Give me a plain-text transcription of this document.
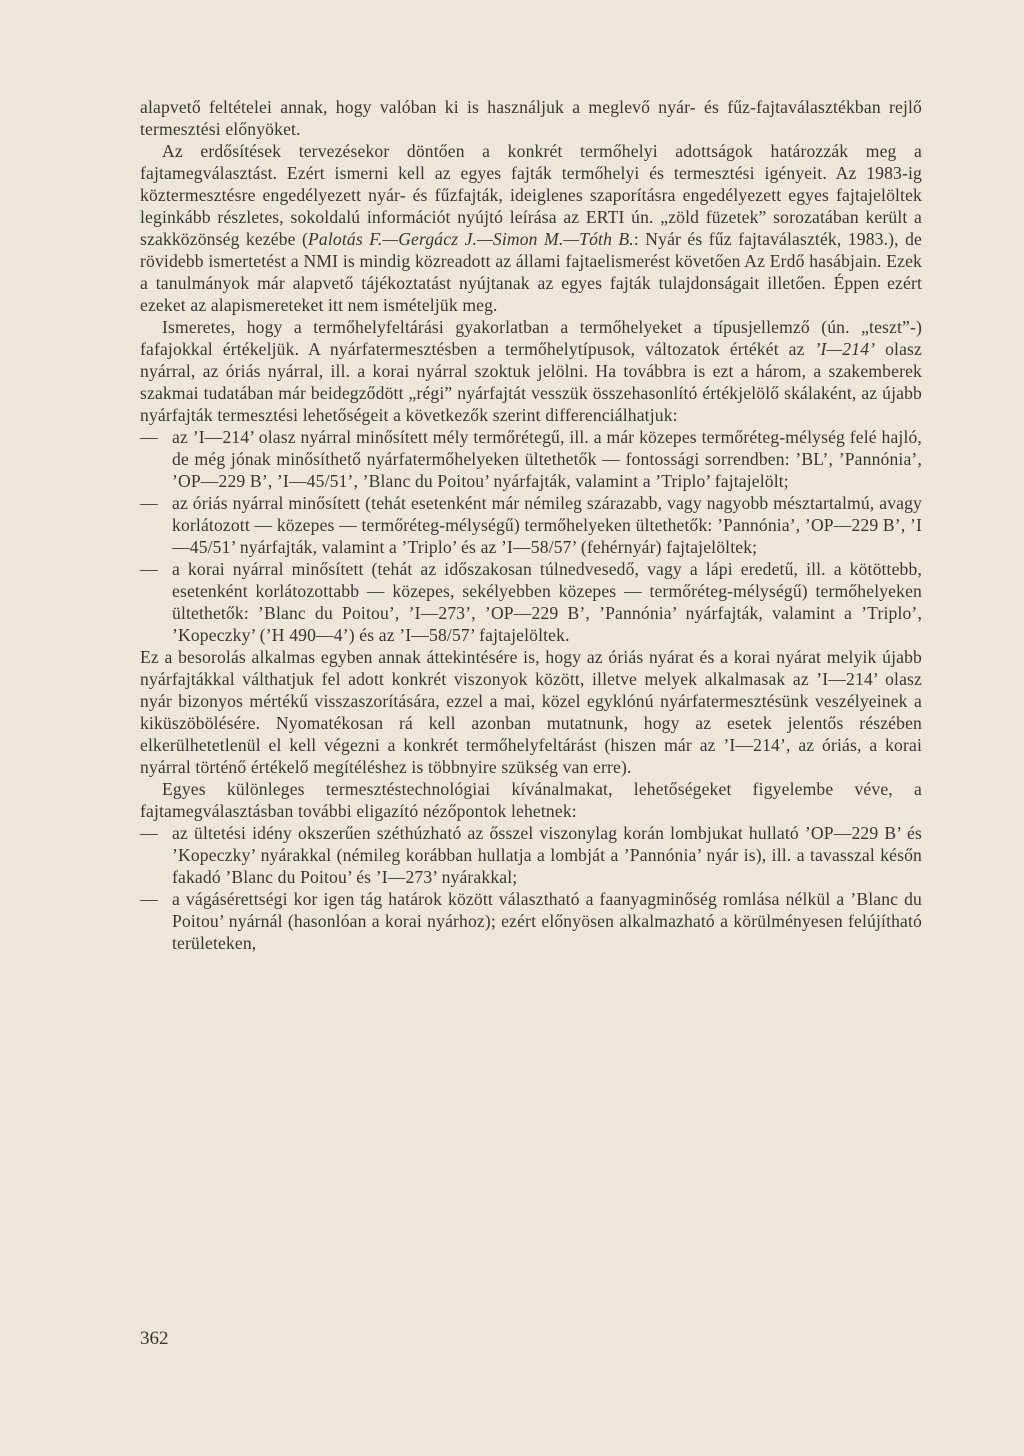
alapvető feltételei annak, hogy valóban ki is használjuk a meglevő nyár- és fűz-fajtaválasztékban rejlő termesztési előnyöket.

Az erdősítések tervezésekor döntően a konkrét termőhelyi adottságok határozzák meg a fajtamegválasztást. Ezért ismerni kell az egyes fajták termőhelyi és termesztési igényeit. Az 1983-ig köztermesztésre engedélyezett nyár- és fűzfajták, ideiglenes szaporításra engedélyezett egyes fajtajelöltek leginkább részletes, sokoldalú információt nyújtó leírása az ERTI ún. „zöld füzetek” sorozatában került a szakközönség kezébe (Palotás F.—Gergácz J.—Simon M.—Tóth B.: Nyár és fűz fajtaválaszték, 1983.), de rövidebb ismertetést a NMI is mindig közreadott az állami fajtaelismerést követően Az Erdő hasábjain. Ezek a tanulmányok már alapvető tájékoztatást nyújtanak az egyes fajták tulajdonságait illetően. Éppen ezért ezeket az alapismereteket itt nem ismételjük meg.

Ismeretes, hogy a termőhelyfeltárási gyakorlatban a termőhelyeket a típusjellemző (ún. „teszt”-) fafajokkal értékeljük. A nyárfatermesztésben a termőhelytípusok, változatok értékét az ’I—214’ olasz nyárral, az óriás nyárral, ill. a korai nyárral szoktuk jelölni. Ha továbbra is ezt a három, a szakemberek szakmai tudatában már beidegződött „régi” nyárfajtát vesszük összehasonlító értékjelölő skálaként, az újabb nyárfajták termesztési lehetőségeit a következők szerint differenciálhatjuk:

— az ’I—214’ olasz nyárral minősített mély termőrétegű, ill. a már közepes termőréteg-mélység felé hajló, de még jónak minősíthető nyárfatermőhelyeken ültethetők — fontossági sorrendben: ’BL’, ’Pannónia’, ’OP—229 B’, ’I—45/51’, ’Blanc du Poitou’ nyárfajták, valamint a ’Triplo’ fajtajelölt;
— az óriás nyárral minősített (tehát esetenként már némileg szárazabb, vagy nagyobb mésztartalmú, avagy korlátozott — közepes — termőréteg-mélységű) termőhelyeken ültethetők: ’Pannónia’, ’OP—229 B’, ’I—45/51’ nyárfajták, valamint a ’Triplo’ és az ’I—58/57’ (fehérnyár) fajtajelöltek;
— a korai nyárral minősített (tehát az időszakosan túlnedvesedő, vagy a lápi eredetű, ill. a kötöttebb, esetenként korlátozottabb — közepes, sekélyebben közepes — termőréteg-mélységű) termőhelyeken ültethetők: ’Blanc du Poitou’, ’I—273’, ’OP—229 B’, ’Pannónia’ nyárfajták, valamint a ’Triplo’, ’Kopeczky’ (’H 490—4’) és az ’I—58/57’ fajtajelöltek.

Ez a besorolás alkalmas egyben annak áttekintésére is, hogy az óriás nyárat és a korai nyárat melyik újabb nyárfajtákkal válthatjuk fel adott konkrét viszonyok között, illetve melyek alkalmasak az ’I—214’ olasz nyár bizonyos mértékű visszaszorítására, ezzel a mai, közel egyklónú nyárfatermesztésünk veszélyeinek a kiküszöbölésére. Nyomatékosan rá kell azonban mutatnunk, hogy az esetek jelentős részében elkerülhetetlenül el kell végezni a konkrét termőhelyfeltárást (hiszen már az ’I—214’, az óriás, a korai nyárral történő értékelő megítéléshez is többnyire szükség van erre).

Egyes különleges termesztéstechnológiai kívánalmakat, lehetőségeket figyelembe véve, a fajtamegválasztásban további eligazító nézőpontok lehetnek:

— az ültetési idény okszerűen széthúzható az ősszel viszonylag korán lombjukat hullató ’OP—229 B’ és ’Kopeczky’ nyárakkal (némileg korábban hullatja a lombját a ’Pannónia’ nyár is), ill. a tavasszal későn fakadó ’Blanc du Poitou’ és ’I—273’ nyárakkal;
— a vágásérettségi kor igen tág határok között választható a faanyagminőség romlása nélkül a ’Blanc du Poitou’ nyárnál (hasonlóan a korai nyárhoz); ezért előnyösen alkalmazható a körülményesen felújítható területeken,
362
